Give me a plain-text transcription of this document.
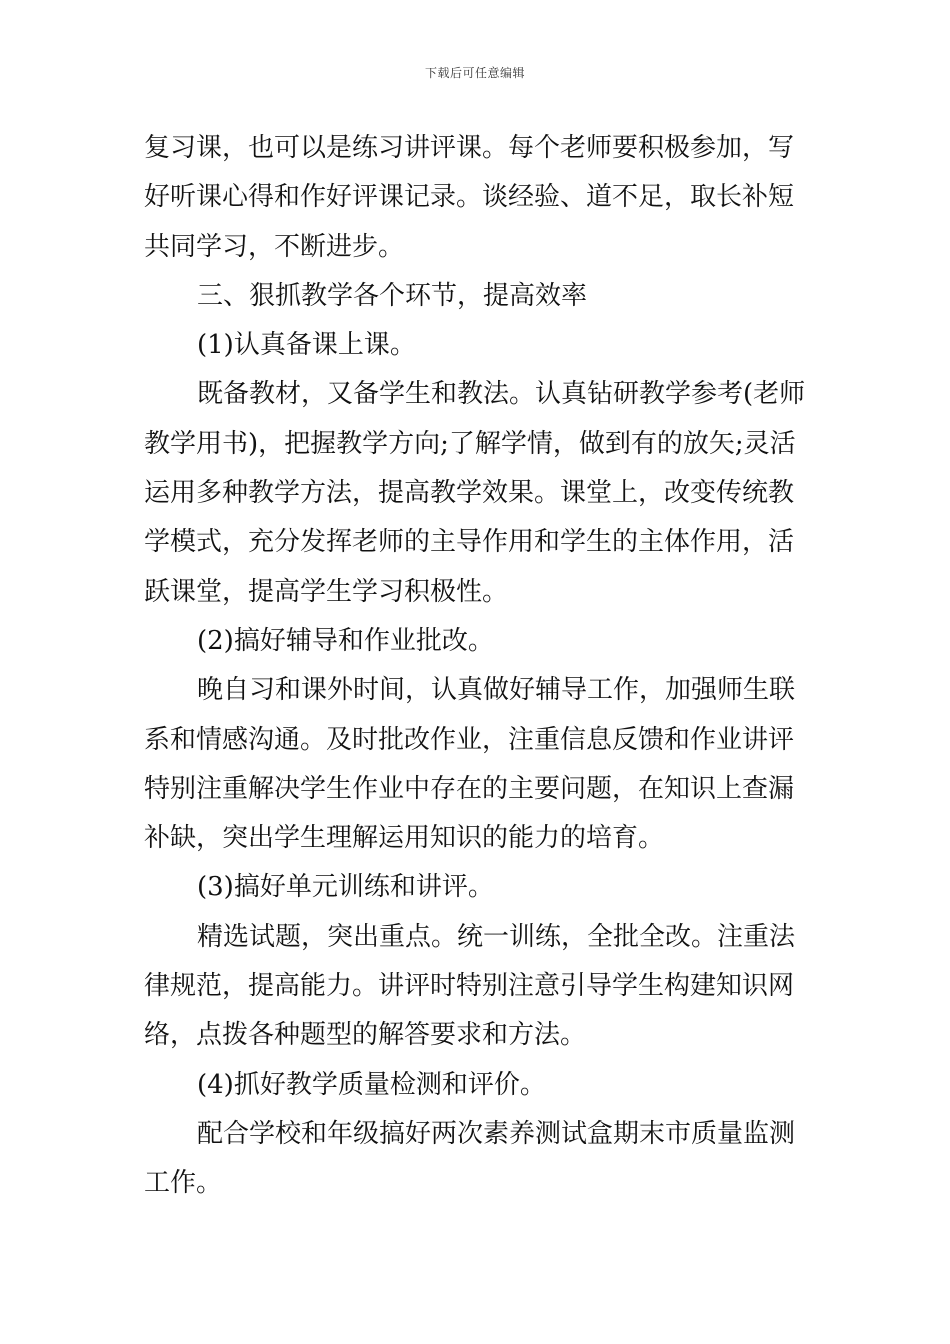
下载后可任意编辑
复习课，也可以是练习讲评课。每个老师要积极参加，写
好听课心得和作好评课记录。谈经验、道不足，取长补短
共同学习，不断进步。
三、狠抓教学各个环节，提高效率
(1)认真备课上课。
既备教材，又备学生和教法。认真钻研教学参考(老师
教学用书)，把握教学方向;了解学情，做到有的放矢;灵活
运用多种教学方法，提高教学效果。课堂上，改变传统教
学模式，充分发挥老师的主导作用和学生的主体作用，活
跃课堂，提高学生学习积极性。
(2)搞好辅导和作业批改。
晚自习和课外时间，认真做好辅导工作，加强师生联
系和情感沟通。及时批改作业，注重信息反馈和作业讲评
特别注重解决学生作业中存在的主要问题，在知识上查漏
补缺，突出学生理解运用知识的能力的培育。
(3)搞好单元训练和讲评。
精选试题，突出重点。统一训练，全批全改。注重法
律规范，提高能力。讲评时特别注意引导学生构建知识网
络，点拨各种题型的解答要求和方法。
(4)抓好教学质量检测和评价。
配合学校和年级搞好两次素养测试盒期末市质量监测
工作。
